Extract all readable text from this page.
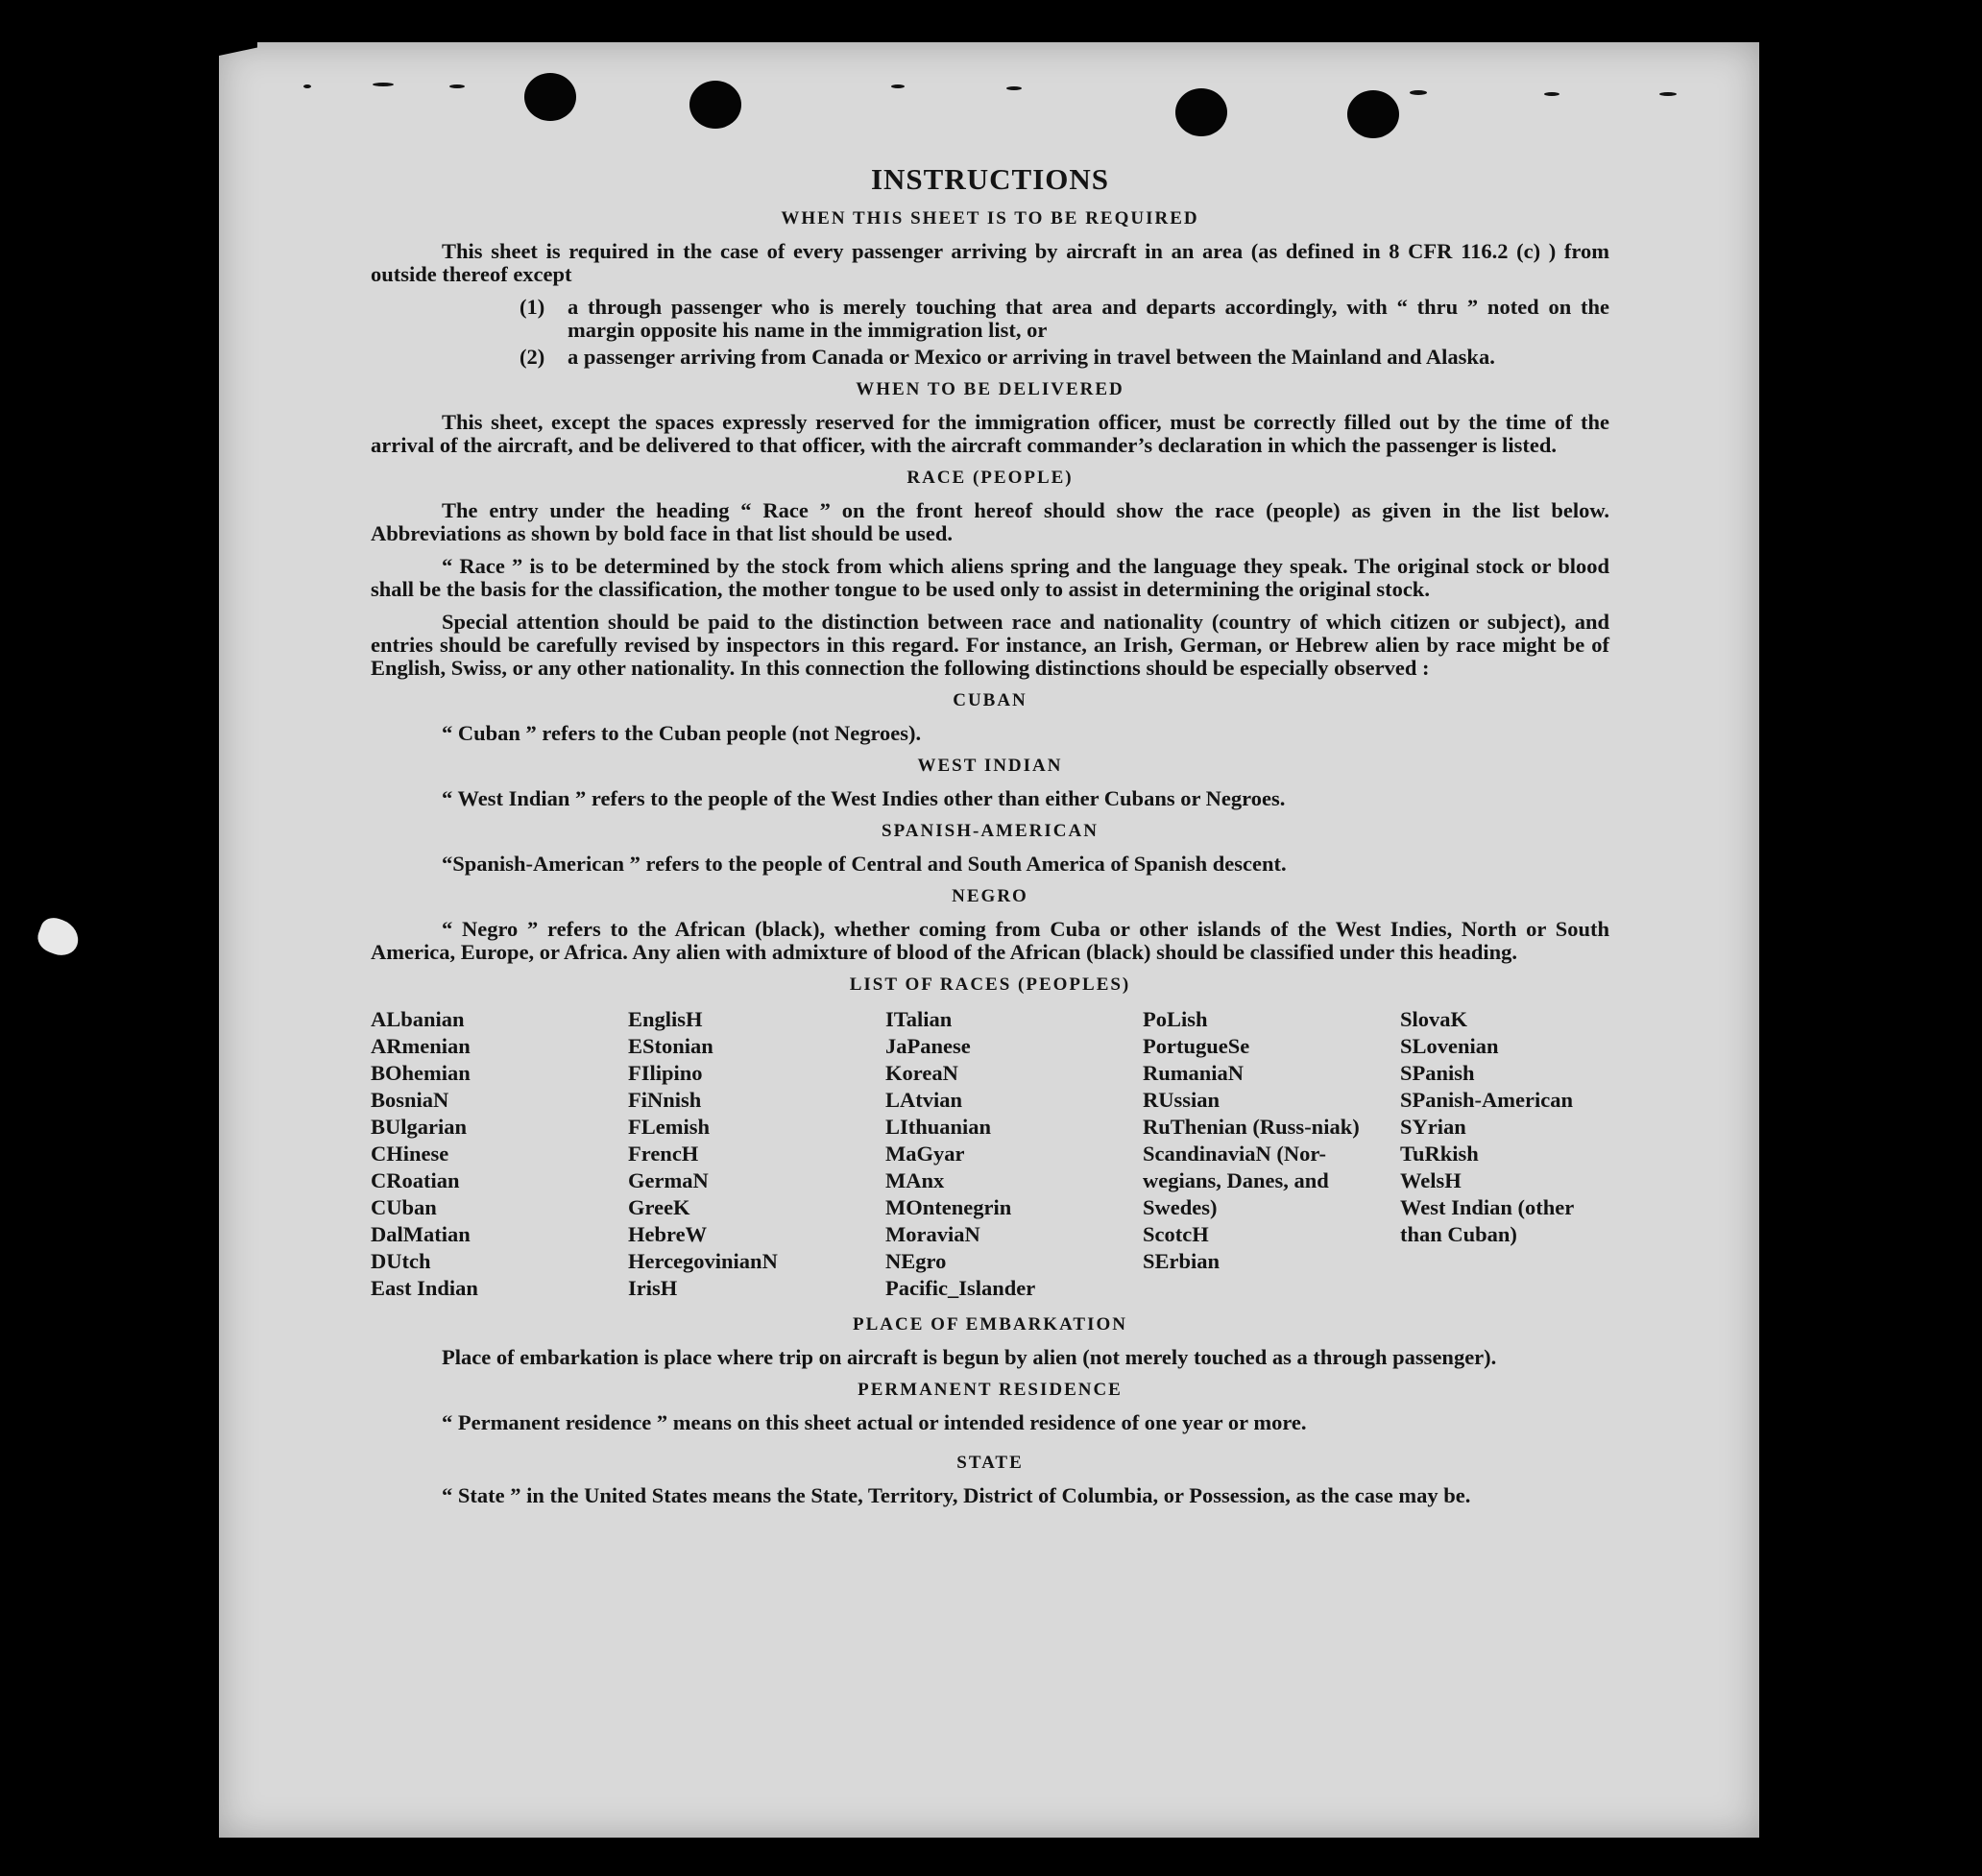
INSTRUCTIONS
WHEN THIS SHEET IS TO BE REQUIRED
This sheet is required in the case of every passenger arriving by aircraft in an area (as defined in 8 CFR 116.2 (c) ) from outside thereof except
(1)	a through passenger who is merely touching that area and departs accordingly, with “ thru ” noted on the margin opposite his name in the immigration list, or
(2)	a passenger arriving from Canada or Mexico or arriving in travel between the Mainland and Alaska.
WHEN TO BE DELIVERED
This sheet, except the spaces expressly reserved for the immigration officer, must be correctly filled out by the time of the arrival of the aircraft, and be delivered to that officer, with the aircraft commander’s declaration in which the passenger is listed.
RACE (PEOPLE)
The entry under the heading “ Race ” on the front hereof should show the race (people) as given in the list below. Abbreviations as shown by bold face in that list should be used.
“ Race ” is to be determined by the stock from which aliens spring and the language they speak. The original stock or blood shall be the basis for the classification, the mother tongue to be used only to assist in determining the original stock.
Special attention should be paid to the distinction between race and nationality (country of which citizen or subject), and entries should be carefully revised by inspectors in this regard. For instance, an Irish, German, or Hebrew alien by race might be of English, Swiss, or any other nationality. In this connection the following distinctions should be especially observed :
CUBAN
“ Cuban ” refers to the Cuban people (not Negroes).
WEST INDIAN
“ West Indian ” refers to the people of the West Indies other than either Cubans or Negroes.
SPANISH-AMERICAN
“Spanish-American ” refers to the people of Central and South America of Spanish descent.
NEGRO
“ Negro ” refers to the African (black), whether coming from Cuba or other islands of the West Indies, North or South America, Europe, or Africa. Any alien with admixture of blood of the African (black) should be classified under this heading.
LIST OF RACES (PEOPLES)
ALbanian
ARmenian
BOhemian
BosniaN
BUlgarian
CHinese
CRoatian
CUban
DalMatian
DUtch
East Indian
EnglisH
EStonian
FIlipino
FiNnish
FLemish
FrencH
GermaN
GreeK
HebreW
HercegovinianN
IrisH
ITalian
JaPanese
KoreaN
LAtvian
LIthuanian
MaGyar
MAnx
MOntenegrin
MoraviaN
NEgro
Pacific_Islander
PoLish
PortugueSe
RumaniaN
RUssian
RuThenian (Russ-niak)
ScandinaviaN (Nor-wegians, Danes, and Swedes)
ScotcH
SErbian
SlovaK
SLovenian
SPanish
SPanish-American
SYrian
TuRkish
WelsH
West Indian (other than Cuban)
PLACE OF EMBARKATION
Place of embarkation is place where trip on aircraft is begun by alien (not merely touched as a through passenger).
PERMANENT RESIDENCE
“ Permanent residence ” means on this sheet actual or intended residence of one year or more.
STATE
“ State ” in the United States means the State, Territory, District of Columbia, or Possession, as the case may be.
